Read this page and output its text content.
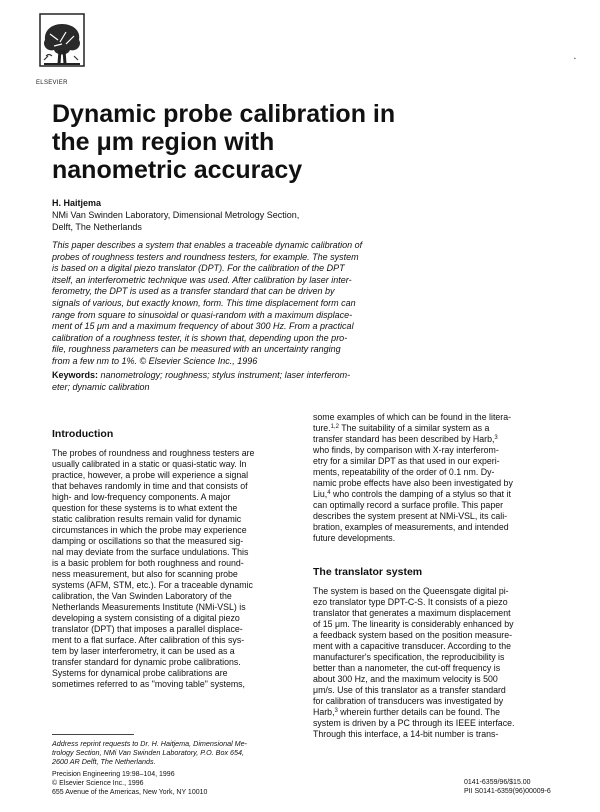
ELSEVIER
▪
Dynamic probe calibration in
the μm region with
nanometric accuracy
H. Haitjema
NMi Van Swinden Laboratory, Dimensional Metrology Section,
Delft, The Netherlands
This paper describes a system that enables a traceable dynamic calibration of
probes of roughness testers and roundness testers, for example. The system
is based on a digital piezo translator (DPT). For the calibration of the DPT
itself, an interferometric technique was used. After calibration by laser inter-
ferometry, the DPT is used as a transfer standard that can be driven by
signals of various, but exactly known, form. This time displacement form can
range from square to sinusoidal or quasi-random with a maximum displace-
ment of 15 μm and a maximum frequency of about 300 Hz. From a practical
calibration of a roughness tester, it is shown that, depending upon the pro-
file, roughness parameters can be measured with an uncertainty ranging
from a few nm to 1%. © Elsevier Science Inc., 1996
Keywords: nanometrology; roughness; stylus instrument; laser interferom-
eter; dynamic calibration
Introduction
The probes of roundness and roughness testers are
usually calibrated in a static or quasi-static way. In
practice, however, a probe will experience a signal
that behaves randomly in time and that consists of
high- and low-frequency components. A major
question for these systems is to what extent the
static calibration results remain valid for dynamic
circumstances in which the probe may experience
damping or oscillations so that the measured sig-
nal may deviate from the surface undulations. This
is a basic problem for both roughness and round-
ness measurement, but also for scanning probe
systems (AFM, STM, etc.). For a traceable dynamic
calibration, the Van Swinden Laboratory of the
Netherlands Measurements Institute (NMi-VSL) is
developing a system consisting of a digital piezo
translator (DPT) that imposes a parallel displace-
ment to a flat surface. After calibration of this sys-
tem by laser interferometry, it can be used as a
transfer standard for dynamic probe calibrations.
Systems for dynamical probe calibrations are
sometimes referred to as "moving table" systems,
some examples of which can be found in the litera-
ture.$^{1,2}$ The suitability of a similar system as a
transfer standard has been described by Harb,$^3$
who finds, by comparison with X-ray interferom-
etry for a similar DPT as that used in our experi-
ments, repeatability of the order of 0.1 nm. Dy-
namic probe effects have also been investigated by
Liu,$^4$ who controls the damping of a stylus so that it
can optimally record a surface profile. This paper
describes the system present at NMi-VSL, its cali-
bration, examples of measurements, and intended
future developments.
The translator system
The system is based on the Queensgate digital pi-
ezo translator type DPT-C-S. It consists of a piezo
translator that generates a maximum displacement
of 15 μm. The linearity is considerably enhanced by
a feedback system based on the position measure-
ment with a capacitive transducer. According to the
manufacturer's specification, the reproducibility is
better than a nanometer, the cut-off frequency is
about 300 Hz, and the maximum velocity is 500
μm/s. Use of this translator as a transfer standard
for calibration of transducers was investigated by
Harb,$^3$ wherein further details can be found. The
system is driven by a PC through its IEEE interface.
Through this interface, a 14-bit number is trans-
Address reprint requests to Dr. H. Haitjema, Dimensional Me-
trology Section, NMi Van Swinden Laboratory, P.O. Box 654,
2600 AR Delft, The Netherlands.
Precision Engineering 19:98–104, 1996
© Elsevier Science Inc., 1996
655 Avenue of the Americas, New York, NY 10010
0141-6359/96/$15.00
PII S0141-6359(96)00009-6
